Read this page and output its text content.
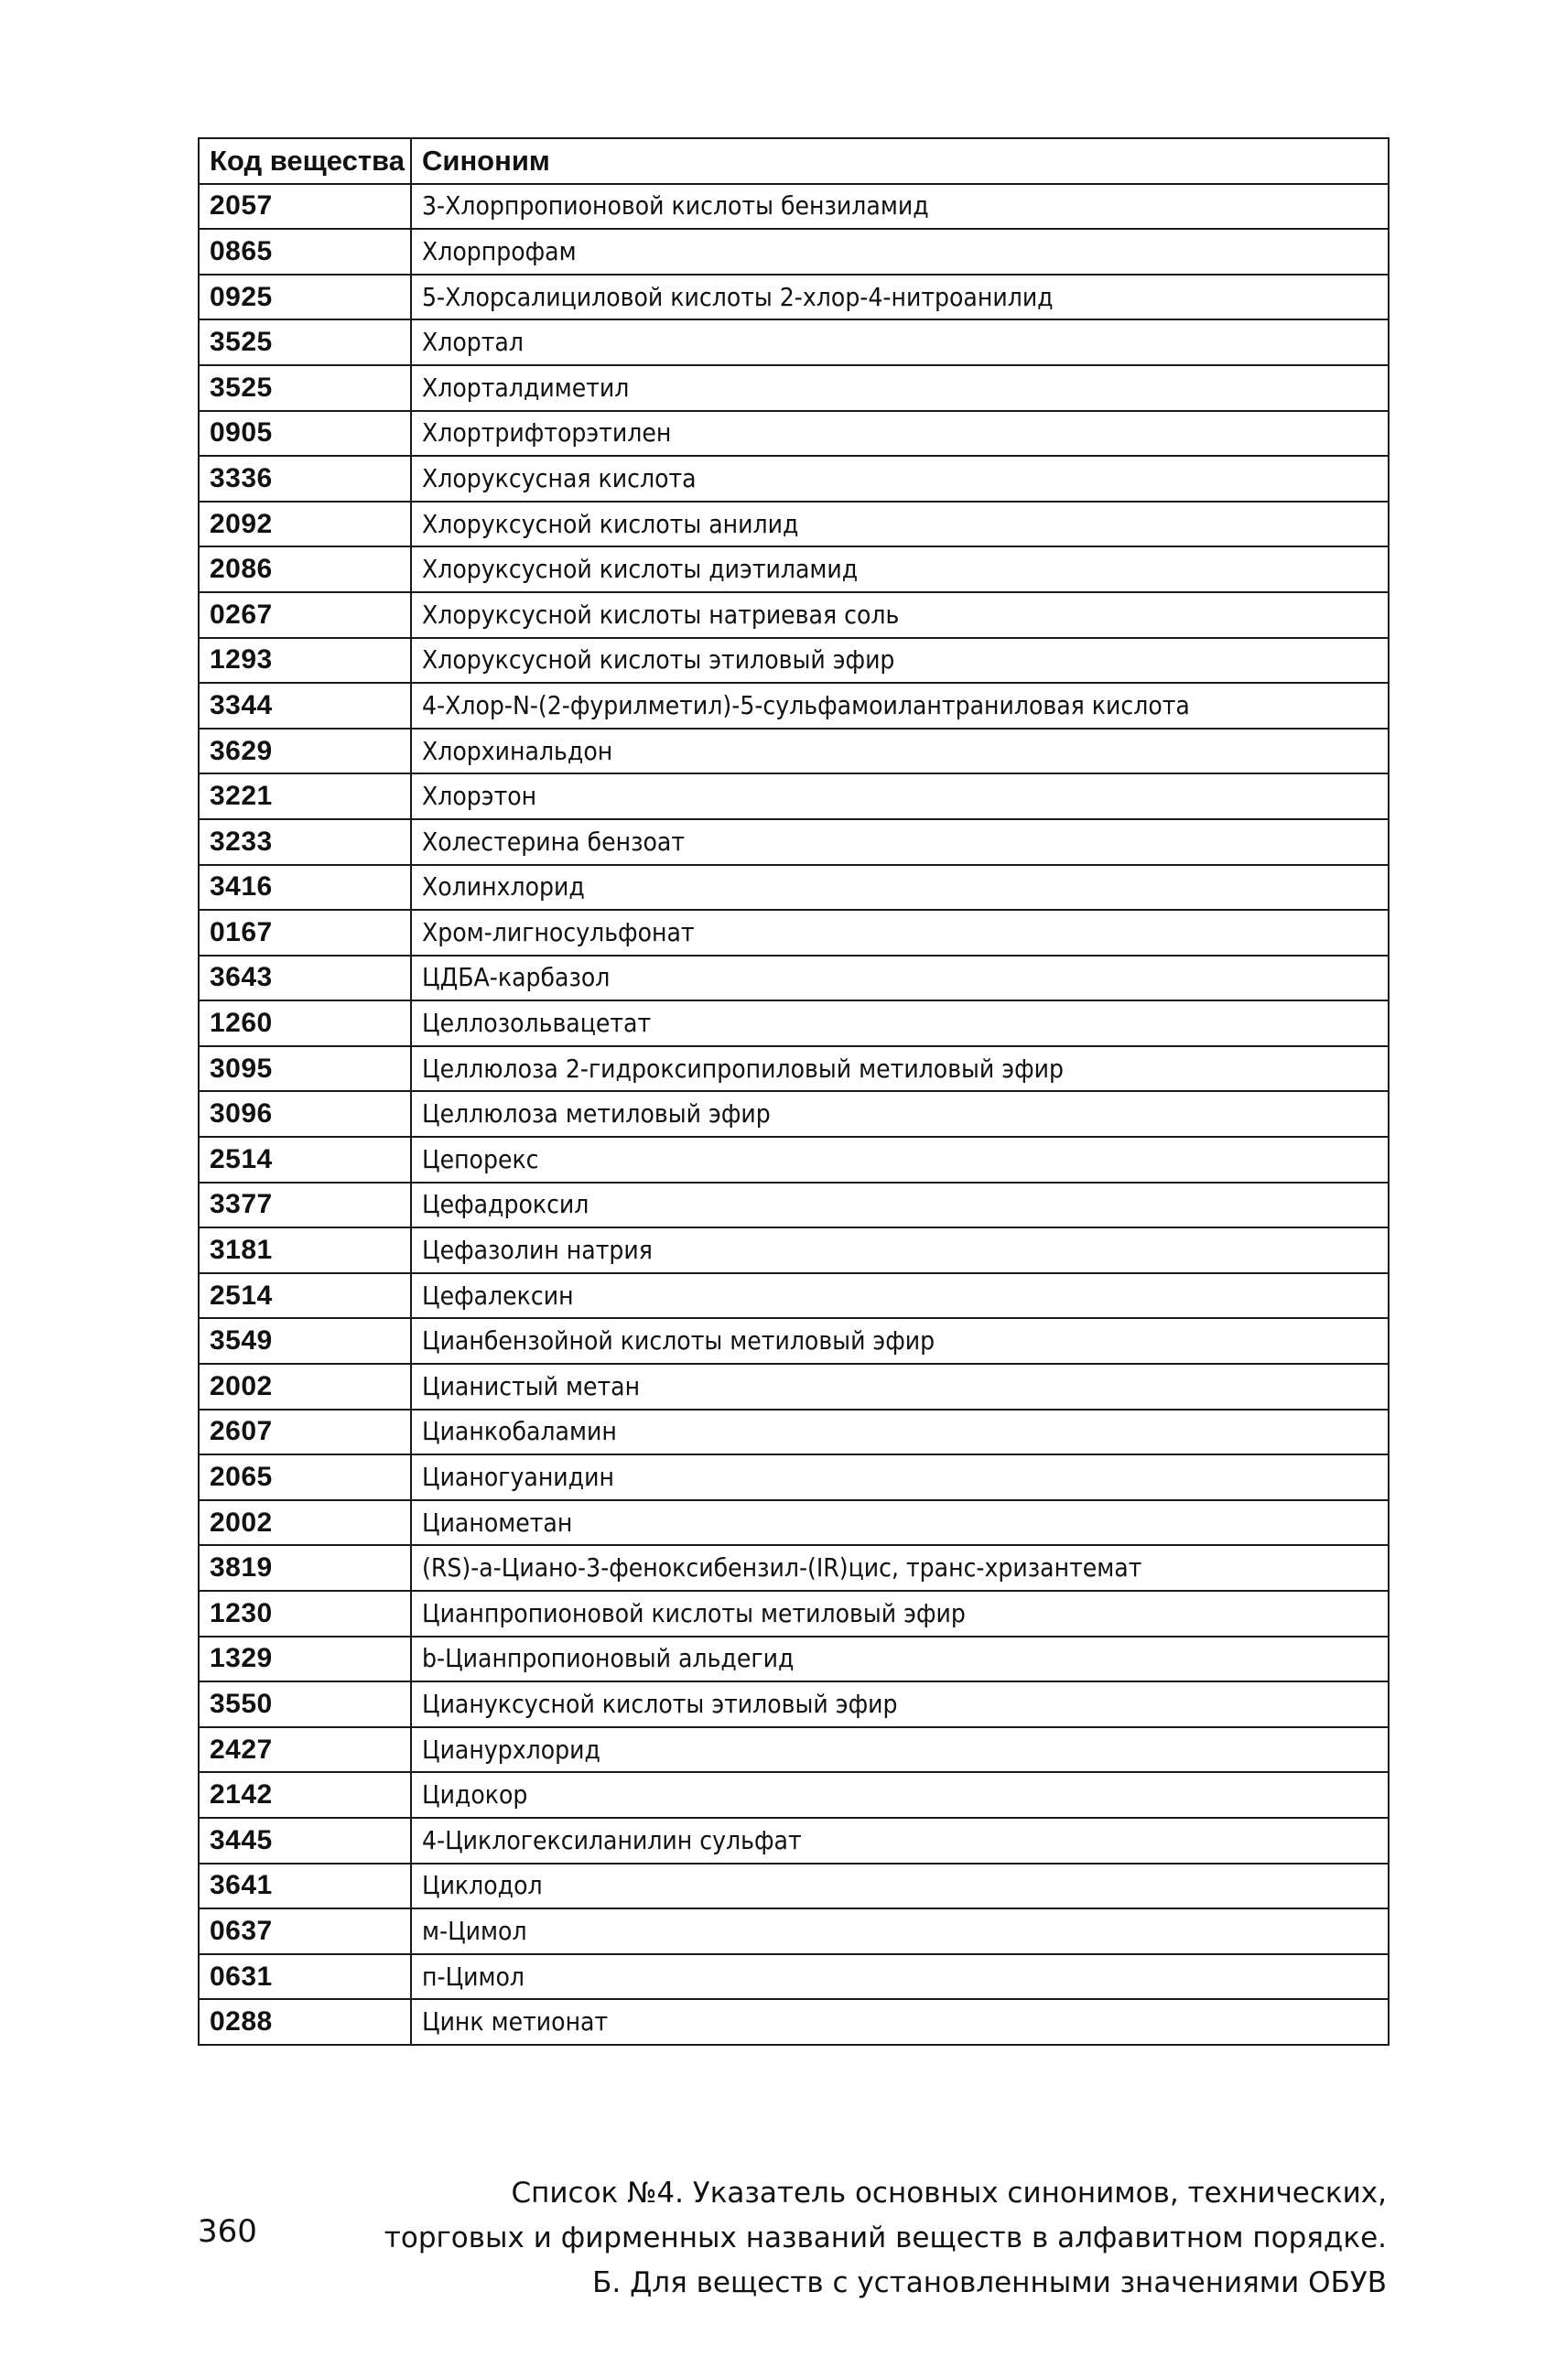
Код вещества	Синоним
2057	3-Хлорпропионовой кислоты бензиламид
0865	Хлорпрофам
0925	5-Хлорсалициловой кислоты 2-хлор-4-нитроанилид
3525	Хлортал
3525	Хлорталдиметил
0905	Хлортрифторэтилен
3336	Хлоруксусная кислота
2092	Хлоруксусной кислоты анилид
2086	Хлоруксусной кислоты диэтиламид
0267	Хлоруксусной кислоты натриевая соль
1293	Хлоруксусной кислоты этиловый эфир
3344	4-Хлор-N-(2-фурилметил)-5-сульфамоилантраниловая кислота
3629	Хлорхинальдон
3221	Хлорэтон
3233	Холестерина бензоат
3416	Холинхлорид
0167	Хром-лигносульфонат
3643	ЦДБА-карбазол
1260	Целлозольвацетат
3095	Целлюлоза 2-гидроксипропиловый метиловый эфир
3096	Целлюлоза метиловый эфир
2514	Цепорекс
3377	Цефадроксил
3181	Цефазолин натрия
2514	Цефалексин
3549	Цианбензойной кислоты метиловый эфир
2002	Цианистый метан
2607	Цианкобаламин
2065	Цианогуанидин
2002	Цианометан
3819	(RS)-a-Циано-3-феноксибензил-(IR)цис, транс-хризантемат
1230	Цианпропионовой кислоты метиловый эфир
1329	b-Цианпропионовый альдегид
3550	Циануксусной кислоты этиловый эфир
2427	Циануpхлорид
2142	Цидокор
3445	4-Циклогексиланилин сульфат
3641	Циклодол
0637	м-Цимол
0631	п-Цимол
0288	Цинк метионат
360
Список №4. Указатель основных синонимов, технических,
торговых и фирменных названий веществ в алфавитном порядке.
Б. Для веществ с установленными значениями ОБУВ
